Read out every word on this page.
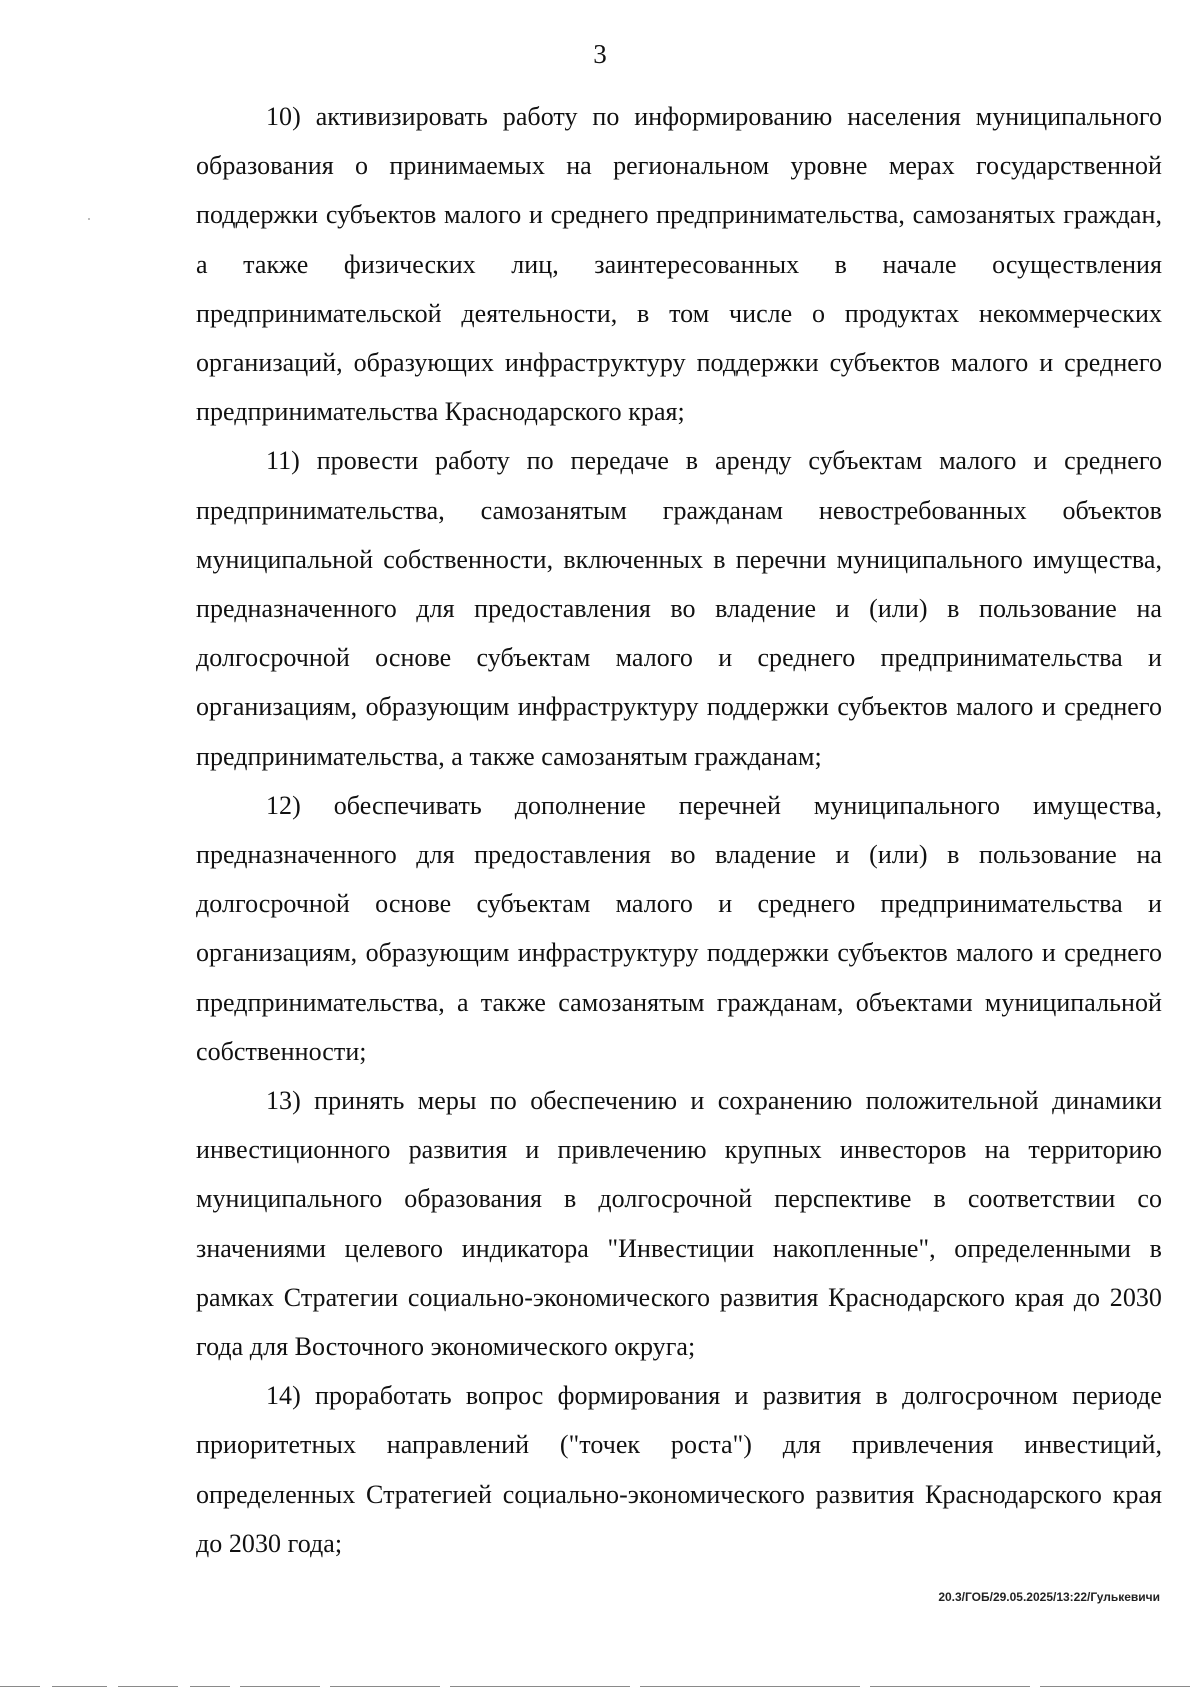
3

10) активизировать работу по информированию населения муниципального образования о принимаемых на региональном уровне мерах государственной поддержки субъектов малого и среднего предпринимательства, самозанятых граждан, а также физических лиц, заинтересованных в начале осуществления предпринимательской деятельности, в том числе о продуктах некоммерческих организаций, образующих инфраструктуру поддержки субъектов малого и среднего предпринимательства Краснодарского края;

11) провести работу по передаче в аренду субъектам малого и среднего предпринимательства, самозанятым гражданам невостребованных объектов муниципальной собственности, включенных в перечни муниципального имущества, предназначенного для предоставления во владение и (или) в пользование на долгосрочной основе субъектам малого и среднего предпринимательства и организациям, образующим инфраструктуру поддержки субъектов малого и среднего предпринимательства, а также самозанятым гражданам;

12) обеспечивать дополнение перечней муниципального имущества, предназначенного для предоставления во владение и (или) в пользование на долгосрочной основе субъектам малого и среднего предпринимательства и организациям, образующим инфраструктуру поддержки субъектов малого и среднего предпринимательства, а также самозанятым гражданам, объектами муниципальной собственности;

13) принять меры по обеспечению и сохранению положительной динамики инвестиционного развития и привлечению крупных инвесторов на территорию муниципального образования в долгосрочной перспективе в соответствии со значениями целевого индикатора "Инвестиции накопленные", определенными в рамках Стратегии социально-экономического развития Краснодарского края до 2030 года для Восточного экономического округа;

14) проработать вопрос формирования и развития в долгосрочном периоде приоритетных направлений ("точек роста") для привлечения инвестиций, определенных Стратегией социально-экономического развития Краснодарского края до 2030 года;

20.3/ГОБ/29.05.2025/13:22/Гулькевичи
